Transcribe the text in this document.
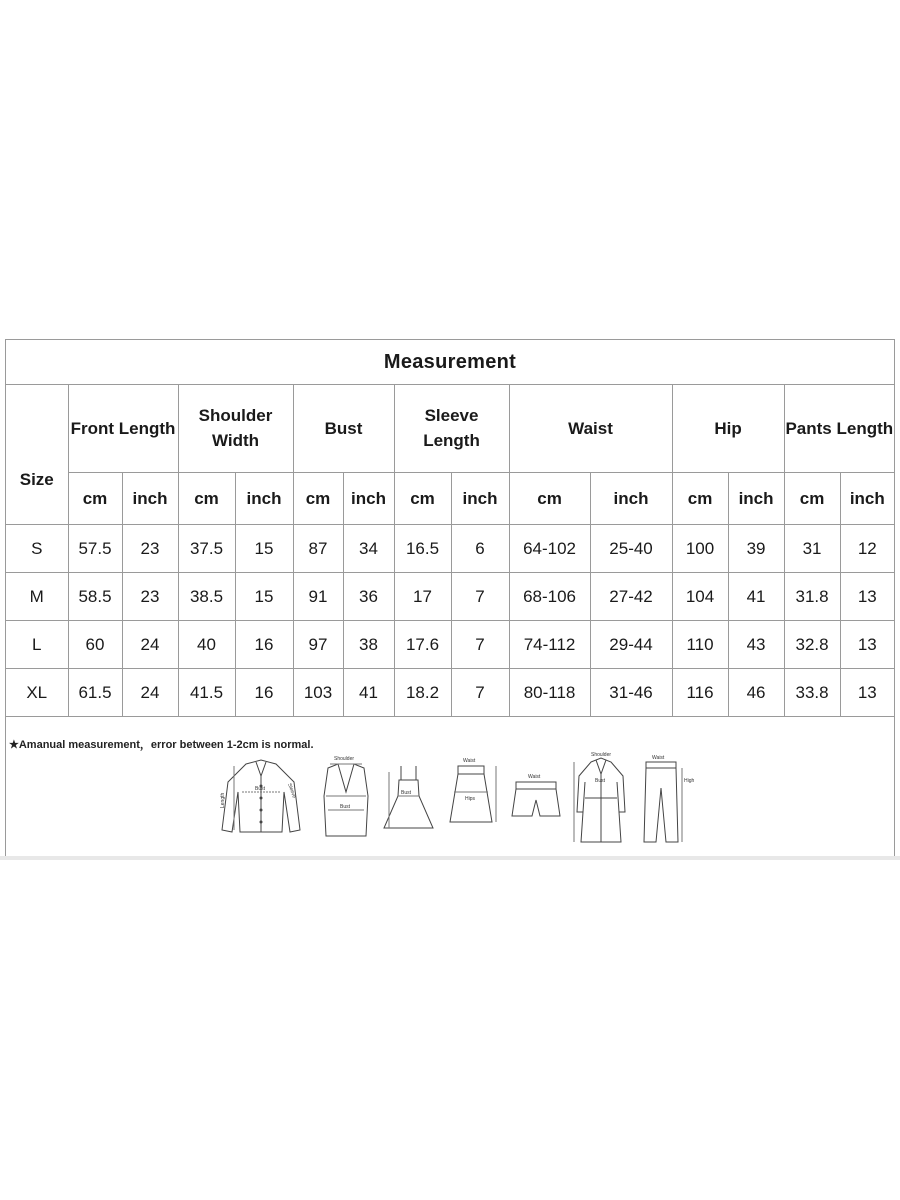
Measurement
Size	Front Length		Shoulder Width		Bust		Sleeve Length		Waist		Hip		Pants Length	
	cm	inch	cm	inch	cm	inch	cm	inch	cm	inch	cm	inch	cm	inch
S	57.5	23	37.5	15	87	34	16.5	6	64-102	25-40	100	39	31	12
M	58.5	23	38.5	15	91	36	17	7	68-106	27-42	104	41	31.8	13
L	60	24	40	16	97	38	17.6	7	74-112	29-44	110	43	32.8	13
XL	61.5	24	41.5	16	103	41	18.2	7	80-118	31-46	116	46	33.8	13
★Amanual measurement，error between 1-2cm is normal.
Bust
Length
Sleeve
Shoulder
Bust
Bust
Waist
Hips
Waist
Shoulder
Bust
Waist
High
